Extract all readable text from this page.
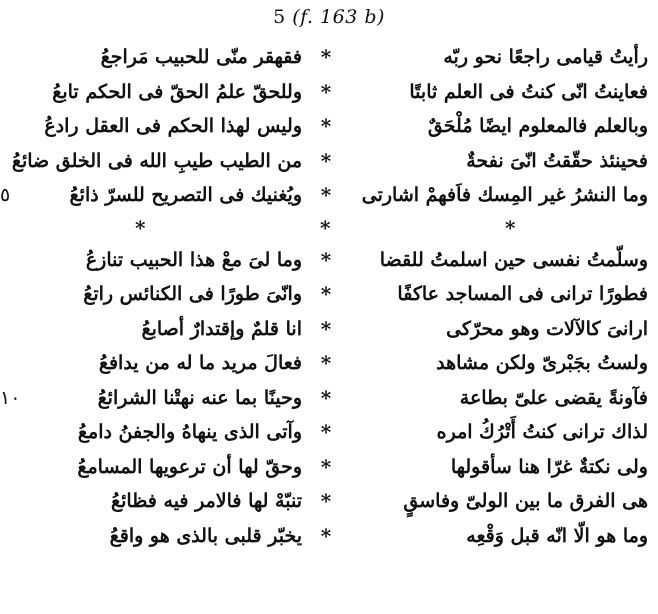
5 (f. 163 b)
رأيتُ قيامى راجعًا نحو ربّه
*
فقهقر منّى للحبيب مَراجعُ
فعاينتُ انّى كنتُ فى العلم ثابتًا
*
وللحقّ علمُ الحقّ فى الحكم تابعُ
وبالعلم فالمعلوم ايضًا مُلْحَقٌ
*
وليس لهذا الحكم فى العقل رادعُ
فحينئذ حقّقتُ انّىَ نفحةٌ
*
من الطيب طيبِ الله فى الخلق ضائعُ
وما النشرُ غير المِسك فاَفهمْ اشارتى
*
ويُغنيك فى التصريح للسرّ ذائعُ
٥
*	*	*
وسلّمتُ نفسى حين اسلمتُ للقضا
*
وما لىَ معْ هذا الحبيب تنازعُ
فطورًا ترانى فى المساجد عاكفًا
*
وانّىَ طورًا فى الكنائس راتعُ
ارانىَ كالآلات وهو محرّكى
*
انا قلمٌ وإقتدارٌ أصابعُ
ولستُ بجَبْرىّ ولكن مشاهد
*
فعالَ مريد ما له من يدافعُ
فآونةً يقضى علىّ بطاعة
*
وحينًا بما عنه نهتْنا الشرائعُ
١٠
لذاك ترانى كنتُ أَتْرُكُ امره
*
وآتى الذى ينهاهُ والجفنُ دامعُ
ولى نكتةٌ غرّا هنا سأقولها
*
وحقّ لها أن ترعويها المسامعُ
هى الفرق ما بين الولىّ وفاسقٍ
*
تنبّهْ لها فالامر فيه فظائعُ
وما هو الّا انّه قبل وَقْعِه
*
يخبّر قلبى بالذى هو واقعُ
